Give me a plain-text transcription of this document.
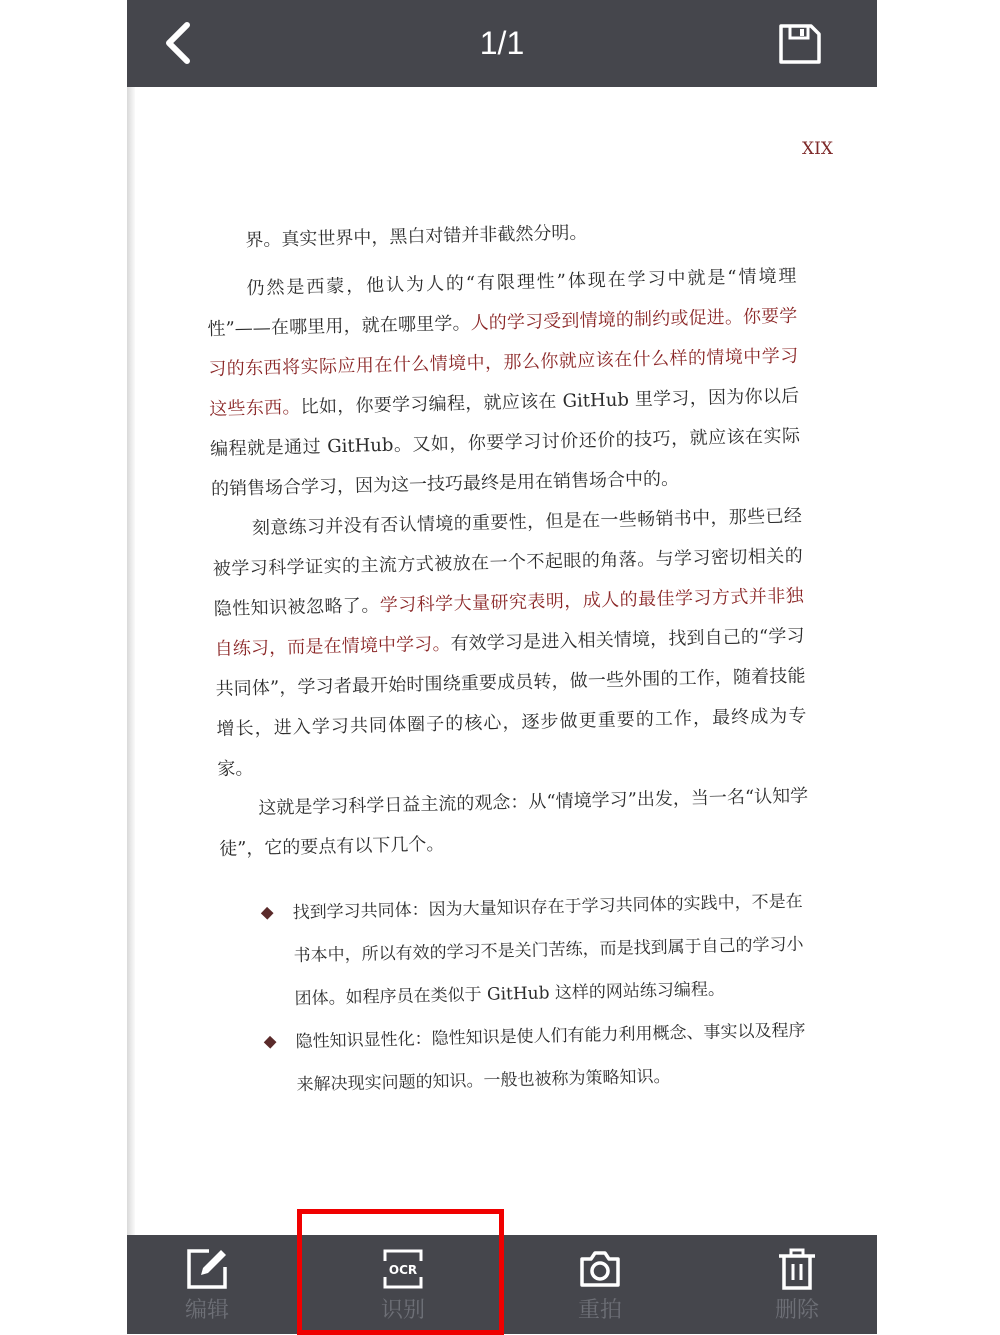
1/1
XIX

界。真实世界中，黑白对错并非截然分明。

仍然是西蒙，他认为人的“有限理性”体现在学习中就是“情境理性”——在哪里用，就在哪里学。人的学习受到情境的制约或促进。你要学习的东西将实际应用在什么情境中，那么你就应该在什么样的情境中学习这些东西。比如，你要学习编程，就应该在 GitHub 里学习，因为你以后编程就是通过 GitHub。又如，你要学习讨价还价的技巧，就应该在实际的销售场合学习，因为这一技巧最终是用在销售场合中的。

刻意练习并没有否认情境的重要性，但是在一些畅销书中，那些已经被学习科学证实的主流方式被放在一个不起眼的角落。与学习密切相关的隐性知识被忽略了。学习科学大量研究表明，成人的最佳学习方式并非独自练习，而是在情境中学习。有效学习是进入相关情境，找到自己的“学习共同体”，学习者最开始时围绕重要成员转，做一些外围的工作，随着技能增长，进入学习共同体圈子的核心，逐步做更重要的工作，最终成为专家。

这就是学习科学日益主流的观念：从“情境学习”出发，当一名“认知学徒”，它的要点有以下几个。

找到学习共同体：因为大量知识存在于学习共同体的实践中，不是在书本中，所以有效的学习不是关门苦练，而是找到属于自己的学习小团体。如程序员在类似于 GitHub 这样的网站练习编程。
隐性知识显性化：隐性知识是使人们有能力利用概念、事实以及程序来解决现实问题的知识。一般也被称为策略知识。
编辑
OCR
识别	重拍	删除
